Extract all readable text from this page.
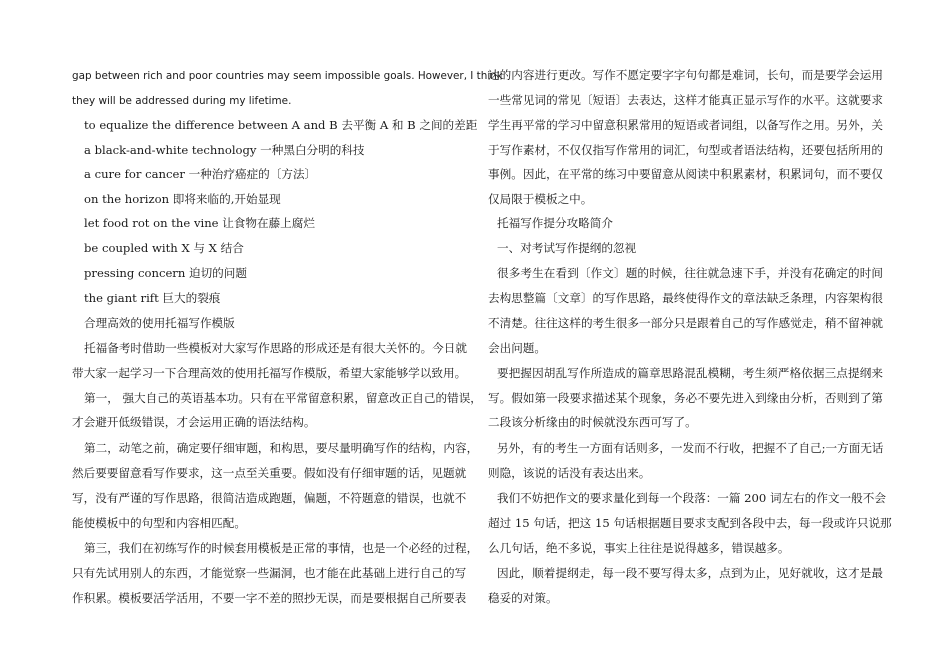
gap between rich and poor countries may seem impossible goals. However, I think
they will be addressed during my lifetime.
to equalize the difference between A and B 去平衡 A 和 B 之间的差距
a black-and-white technology 一种黑白分明的科技
a cure for cancer 一种治疗癌症的〔方法〕
on the horizon 即将来临的,开始显现
let food rot on the vine 让食物在藤上腐烂
be coupled with X 与 X 结合
pressing concern 迫切的问题
the giant rift 巨大的裂痕
合理高效的使用托福写作模版
托福备考时借助一些模板对大家写作思路的形成还是有很大关怀的。今日就
带大家一起学习一下合理高效的使用托福写作模版，希望大家能够学以致用。
第一， 强大自己的英语基本功。只有在平常留意积累，留意改正自己的错误，
才会避开低级错误，才会运用正确的语法结构。
第二，动笔之前，确定要仔细审题，和构思，要尽量明确写作的结构，内容，
然后要要留意看写作要求，这一点至关重要。假如没有仔细审题的话，见题就
写，没有严谨的写作思路，很简洁造成跑题，偏题，不符题意的错误，也就不
能使模板中的句型和内容相匹配。
第三，我们在初练写作的时候套用模板是正常的事情，也是一个必经的过程，
只有先试用别人的东西，才能觉察一些漏洞，也才能在此基础上进行自己的写
作积累。模板要活学活用，不要一字不差的照抄无误，而是要根据自己所要表
达的内容进行更改。写作不愿定要字字句句都是难词，长句，而是要学会运用
一些常见词的常见〔短语〕去表达，这样才能真正显示写作的水平。这就要求
学生再平常的学习中留意积累常用的短语或者词组，以备写作之用。另外，关
于写作素材，不仅仅指写作常用的词汇，句型或者语法结构，还要包括所用的
事例。因此，在平常的练习中要留意从阅读中积累素材，积累词句，而不要仅
仅局限于模板之中。
托福写作提分攻略简介
一、对考试写作提纲的忽视
很多考生在看到〔作文〕题的时候，往往就急速下手，并没有花确定的时间
去构思整篇〔文章〕的写作思路，最终使得作文的章法缺乏条理，内容架构很
不清楚。往往这样的考生很多一部分只是跟着自己的写作感觉走，稍不留神就
会出问题。
要把握因胡乱写作所造成的篇章思路混乱模糊，考生须严格依据三点提纲来
写。假如第一段要求描述某个现象，务必不要先进入到缘由分析，否则到了第
二段该分析缘由的时候就没东西可写了。
另外，有的考生一方面有话则多，一发而不行收，把握不了自己;一方面无话
则隐，该说的话没有表达出来。
我们不妨把作文的要求量化到每一个段落：一篇 200 词左右的作文一般不会
超过 15 句话，把这 15 句话根据题目要求支配到各段中去，每一段或许只说那
么几句话，绝不多说，事实上往往是说得越多，错误越多。
因此，顺着提纲走，每一段不要写得太多，点到为止，见好就收，这才是最
稳妥的对策。
